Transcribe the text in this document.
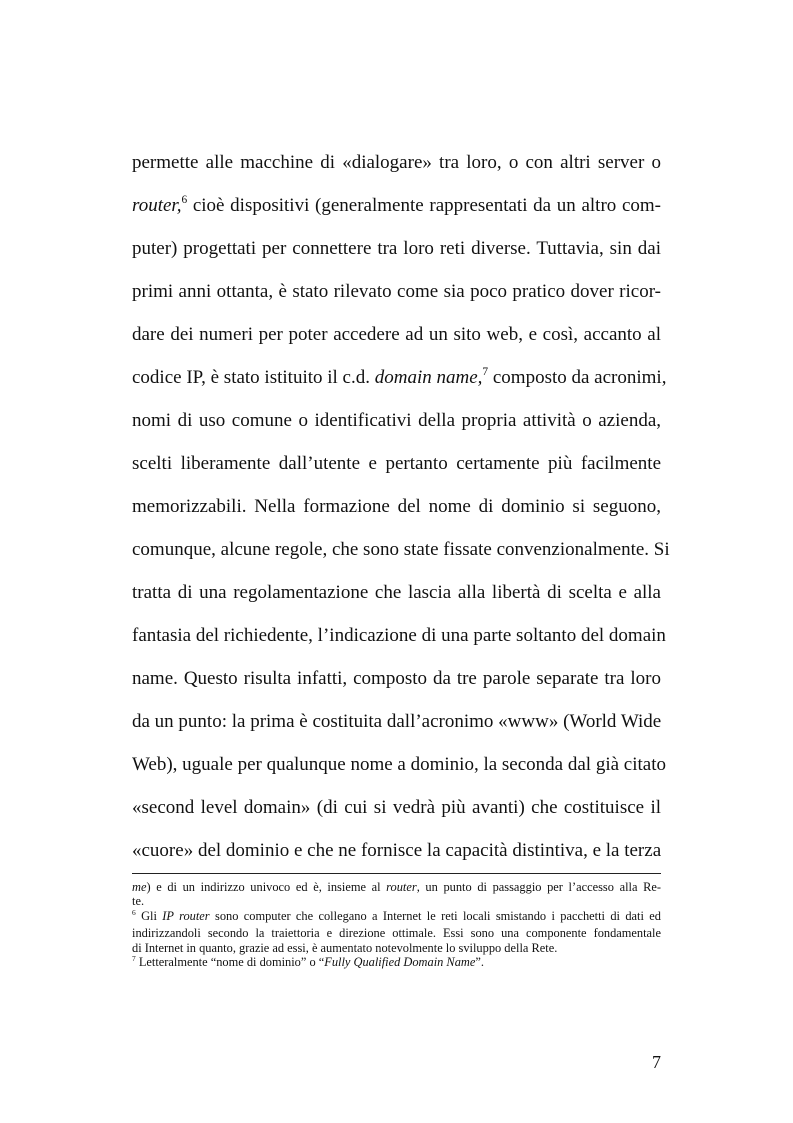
permette alle macchine di «dialogare» tra loro, o con altri server o
router,$^6$ cioè dispositivi (generalmente rappresentati da un altro com-
puter) progettati per connettere tra loro reti diverse. Tuttavia, sin dai
primi anni ottanta, è stato rilevato come sia poco pratico dover ricor-
dare dei numeri per poter accedere ad un sito web, e così, accanto al
codice IP, è stato istituito il c.d. domain name,$^7$ composto da acronimi,
nomi di uso comune o identificativi della propria attività o azienda,
scelti liberamente dall’utente e pertanto certamente più facilmente
memorizzabili. Nella formazione del nome di dominio si seguono,
comunque, alcune regole, che sono state fissate convenzionalmente. Si
tratta di una regolamentazione che lascia alla libertà di scelta e alla
fantasia del richiedente, l’indicazione di una parte soltanto del domain
name. Questo risulta infatti, composto da tre parole separate tra loro
da un punto: la prima è costituita dall’acronimo «www» (World Wide
Web), uguale per qualunque nome a dominio, la seconda dal già citato
«second level domain» (di cui si vedrà più avanti) che costituisce il
«cuore» del dominio e che ne fornisce la capacità distintiva, e la terza
me) e di un indirizzo univoco ed è, insieme al router, un punto di passaggio per l’accesso alla Re-
te.
$^6$ Gli IP router sono computer che collegano a Internet le reti locali smistando i pacchetti di dati ed
indirizzandoli secondo la traiettoria e direzione ottimale. Essi sono una componente fondamentale
di Internet in quanto, grazie ad essi, è aumentato notevolmente lo sviluppo della Rete.
$^7$ Letteralmente “nome di dominio” o “Fully Qualified Domain Name”.
7
